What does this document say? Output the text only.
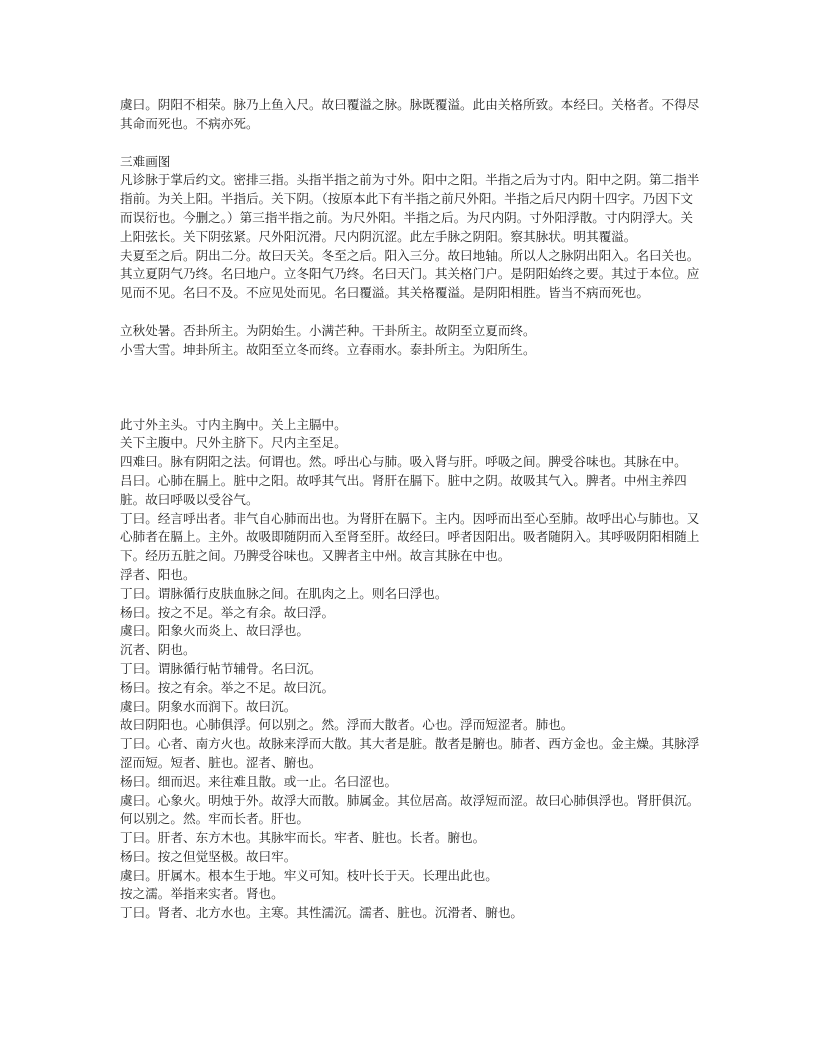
虞曰。阴阳不相荣。脉乃上鱼入尺。故曰覆溢之脉。脉既覆溢。此由关格所致。本经曰。关格者。不得尽其命而死也。不病亦死。

三难画图

凡诊脉于掌后约文。密排三指。头指半指之前为寸外。阳中之阳。半指之后为寸内。阳中之阴。第二指半指前。为关上阳。半指后。关下阴。（按原本此下有半指之前尺外阳。半指之后尺内阴十四字。乃因下文而误衍也。今删之。）第三指半指之前。为尺外阳。半指之后。为尺内阴。寸外阳浮散。寸内阴浮大。关上阳弦长。关下阴弦紧。尺外阳沉滑。尺内阴沉涩。此左手脉之阴阳。察其脉状。明其覆溢。

夫夏至之后。阴出二分。故曰天关。冬至之后。阳入三分。故曰地轴。所以人之脉阴出阳入。名曰关也。其立夏阴气乃终。名曰地户。立冬阳气乃终。名曰天门。其关格门户。是阴阳始终之要。其过于本位。应见而不见。名曰不及。不应见处而见。名曰覆溢。其关格覆溢。是阴阳相胜。皆当不病而死也。

立秋处暑。否卦所主。为阴始生。小满芒种。干卦所主。故阴至立夏而终。

小雪大雪。坤卦所主。故阳至立冬而终。立春雨水。泰卦所主。为阳所生。

此寸外主头。寸内主胸中。关上主膈中。

关下主腹中。尺外主脐下。尺内主至足。

四难曰。脉有阴阳之法。何谓也。然。呼出心与肺。吸入肾与肝。呼吸之间。脾受谷味也。其脉在中。

吕曰。心肺在膈上。脏中之阳。故呼其气出。肾肝在膈下。脏中之阴。故吸其气入。脾者。中州主养四脏。故曰呼吸以受谷气。

丁曰。经言呼出者。非气自心肺而出也。为肾肝在膈下。主内。因呼而出至心至肺。故呼出心与肺也。又心肺者在膈上。主外。故吸即随阴而入至肾至肝。故经曰。呼者因阳出。吸者随阴入。其呼吸阴阳相随上下。经历五脏之间。乃脾受谷味也。又脾者主中州。故言其脉在中也。

浮者、阳也。

丁曰。谓脉循行皮肤血脉之间。在肌肉之上。则名曰浮也。

杨曰。按之不足。举之有余。故曰浮。

虞曰。阳象火而炎上、故曰浮也。

沉者、阴也。

丁曰。谓脉循行帖节辅骨。名曰沉。

杨曰。按之有余。举之不足。故曰沉。

虞曰。阴象水而润下。故曰沉。

故曰阴阳也。心肺俱浮。何以别之。然。浮而大散者。心也。浮而短涩者。肺也。

丁曰。心者、南方火也。故脉来浮而大散。其大者是脏。散者是腑也。肺者、西方金也。金主燥。其脉浮涩而短。短者、脏也。涩者、腑也。

杨曰。细而迟。来往难且散。或一止。名曰涩也。

虞曰。心象火。明烛于外。故浮大而散。肺属金。其位居高。故浮短而涩。故曰心肺俱浮也。肾肝俱沉。何以别之。然。牢而长者。肝也。

丁曰。肝者、东方木也。其脉牢而长。牢者、脏也。长者。腑也。

杨曰。按之但觉坚极。故曰牢。

虞曰。肝属木。根本生于地。牢义可知。枝叶长于天。长理出此也。

按之濡。举指来实者。肾也。

丁曰。肾者、北方水也。主寒。其性濡沉。濡者、脏也。沉滑者、腑也。
